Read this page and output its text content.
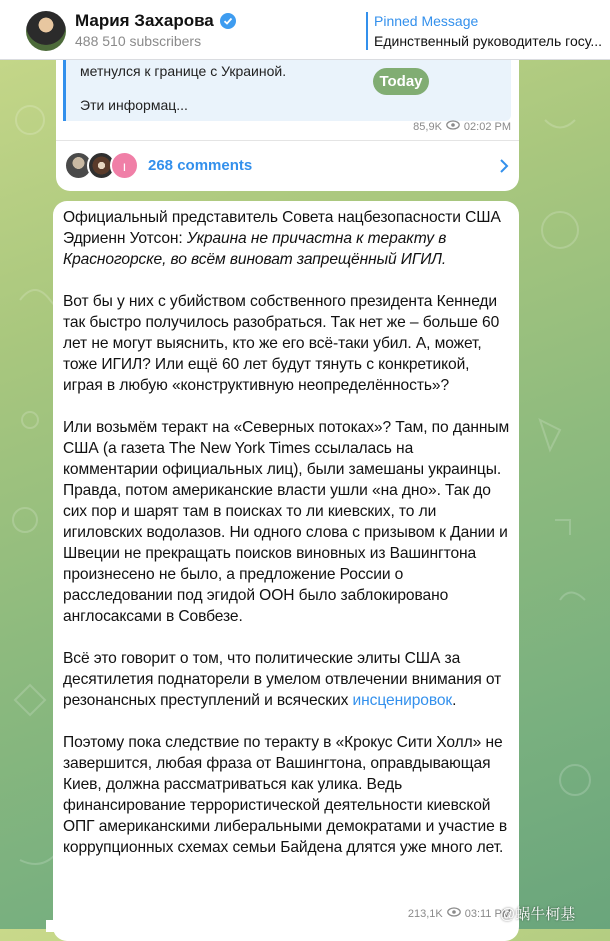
Мария Захарова
488 510 subscribers
Pinned Message
Единственный руководитель госу...
метнулся к границе с Украиной.
Эти информац...
85,9K 02:02 PM
ı	268 comments
Today

Официальный представитель Совета нацбезопасности США Эдриенн Уотсон: Украина не причастна к теракту в Красногорске, во всём виноват запрещённый ИГИЛ.

Вот бы у них с убийством собственного президента Кеннеди так быстро получилось разобраться. Так нет же – больше 60 лет не могут выяснить, кто же его всё-таки убил. А, может, тоже ИГИЛ? Или ещё 60 лет будут тянуть с конкретикой, играя в любую «конструктивную неопределённость»?

Или возьмём теракт на «Северных потоках»? Там, по данным США (а газета The New York Times ссылалась на комментарии официальных лиц), были замешаны украинцы. Правда, потом американские власти ушли «на дно». Так до сих пор и шарят там в поисках то ли киевских, то ли игиловских водолазов. Ни одного слова с призывом к Дании и Швеции не прекращать поисков виновных из Вашингтона произнесено не было, а предложение России о расследовании под эгидой ООН было заблокировано англосаксами в Совбезе.

Всё это говорит о том, что политические элиты США за десятилетия поднаторели в умелом отвлечении внимания от резонансных преступлений и всяческих инсценировок.

Поэтому пока следствие по теракту в «Крокус Сити Холл» не завершится, любая фраза от Вашингтона, оправдывающая Киев, должна рассматриваться как улика. Ведь финансирование террористической деятельности киевской ОПГ американскими либеральными демократами и участие в коррупционных схемах семьи Байдена длятся уже много лет.

213,1K 03:11 PM
@蜗牛柯基
